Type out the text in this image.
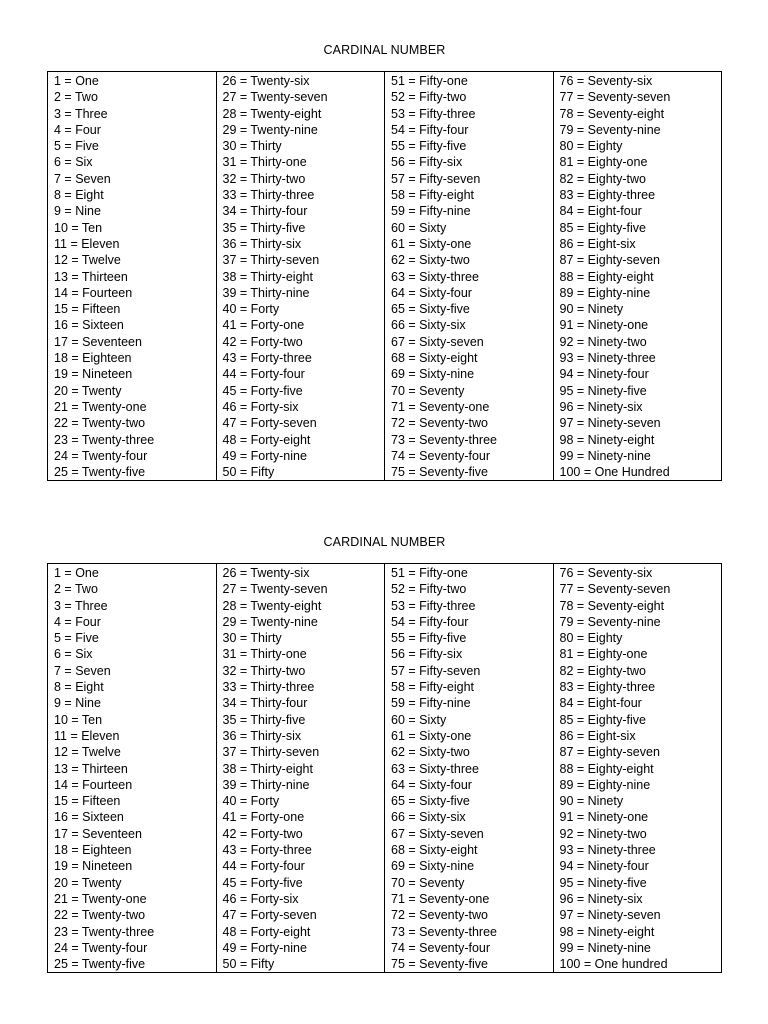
CARDINAL NUMBER
1 = One
2 = Two
3 = Three
4 = Four
5 = Five
6 = Six
7 = Seven
8 = Eight
9 = Nine
10 = Ten
11 = Eleven
12 = Twelve
13 = Thirteen
14 = Fourteen
15 = Fifteen
16 = Sixteen
17 = Seventeen
18 = Eighteen
19 = Nineteen
20 = Twenty
21 = Twenty-one
22 = Twenty-two
23 = Twenty-three
24 = Twenty-four
25 = Twenty-five
26 = Twenty-six
27 = Twenty-seven
28 = Twenty-eight
29 = Twenty-nine
30 = Thirty
31 = Thirty-one
32 = Thirty-two
33 = Thirty-three
34 = Thirty-four
35 = Thirty-five
36 = Thirty-six
37 = Thirty-seven
38 = Thirty-eight
39 = Thirty-nine
40 = Forty
41 = Forty-one
42 = Forty-two
43 = Forty-three
44 = Forty-four
45 = Forty-five
46 = Forty-six
47 = Forty-seven
48 = Forty-eight
49 = Forty-nine
50 = Fifty
51 = Fifty-one
52 = Fifty-two
53 = Fifty-three
54 = Fifty-four
55 = Fifty-five
56 = Fifty-six
57 = Fifty-seven
58 = Fifty-eight
59 = Fifty-nine
60 = Sixty
61 = Sixty-one
62 = Sixty-two
63 = Sixty-three
64 = Sixty-four
65 = Sixty-five
66 = Sixty-six
67 = Sixty-seven
68 = Sixty-eight
69 = Sixty-nine
70 = Seventy
71 = Seventy-one
72 = Seventy-two
73 = Seventy-three
74 = Seventy-four
75 = Seventy-five
76 = Seventy-six
77 = Seventy-seven
78 = Seventy-eight
79 = Seventy-nine
80 = Eighty
81 = Eighty-one
82 = Eighty-two
83 = Eighty-three
84 = Eight-four
85 = Eighty-five
86 = Eight-six
87 = Eighty-seven
88 = Eighty-eight
89 = Eighty-nine
90 = Ninety
91 = Ninety-one
92 = Ninety-two
93 = Ninety-three
94 = Ninety-four
95 = Ninety-five
96 = Ninety-six
97 = Ninety-seven
98 = Ninety-eight
99 = Ninety-nine
100 = One Hundred
CARDINAL NUMBER
1 = One
2 = Two
3 = Three
4 = Four
5 = Five
6 = Six
7 = Seven
8 = Eight
9 = Nine
10 = Ten
11 = Eleven
12 = Twelve
13 = Thirteen
14 = Fourteen
15 = Fifteen
16 = Sixteen
17 = Seventeen
18 = Eighteen
19 = Nineteen
20 = Twenty
21 = Twenty-one
22 = Twenty-two
23 = Twenty-three
24 = Twenty-four
25 = Twenty-five
26 = Twenty-six
27 = Twenty-seven
28 = Twenty-eight
29 = Twenty-nine
30 = Thirty
31 = Thirty-one
32 = Thirty-two
33 = Thirty-three
34 = Thirty-four
35 = Thirty-five
36 = Thirty-six
37 = Thirty-seven
38 = Thirty-eight
39 = Thirty-nine
40 = Forty
41 = Forty-one
42 = Forty-two
43 = Forty-three
44 = Forty-four
45 = Forty-five
46 = Forty-six
47 = Forty-seven
48 = Forty-eight
49 = Forty-nine
50 = Fifty
51 = Fifty-one
52 = Fifty-two
53 = Fifty-three
54 = Fifty-four
55 = Fifty-five
56 = Fifty-six
57 = Fifty-seven
58 = Fifty-eight
59 = Fifty-nine
60 = Sixty
61 = Sixty-one
62 = Sixty-two
63 = Sixty-three
64 = Sixty-four
65 = Sixty-five
66 = Sixty-six
67 = Sixty-seven
68 = Sixty-eight
69 = Sixty-nine
70 = Seventy
71 = Seventy-one
72 = Seventy-two
73 = Seventy-three
74 = Seventy-four
75 = Seventy-five
76 = Seventy-six
77 = Seventy-seven
78 = Seventy-eight
79 = Seventy-nine
80 = Eighty
81 = Eighty-one
82 = Eighty-two
83 = Eighty-three
84 = Eight-four
85 = Eighty-five
86 = Eight-six
87 = Eighty-seven
88 = Eighty-eight
89 = Eighty-nine
90 = Ninety
91 = Ninety-one
92 = Ninety-two
93 = Ninety-three
94 = Ninety-four
95 = Ninety-five
96 = Ninety-six
97 = Ninety-seven
98 = Ninety-eight
99 = Ninety-nine
100 = One hundred
